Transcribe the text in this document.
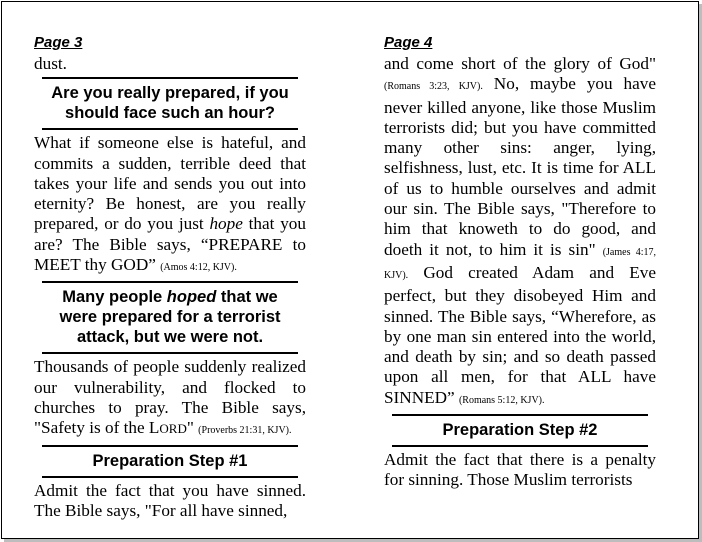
Page 3

dust.

Are you really prepared, if you should face such an hour?

What if someone else is hateful, and commits a sudden, terrible deed that takes your life and sends you out into eternity? Be honest, are you really prepared, or do you just hope that you are? The Bible says, “PREPARE to MEET thy GOD” (Amos 4:12, KJV).

Many people hoped that we were prepared for a terrorist attack, but we were not.

Thousands of people suddenly realized our vulnerability, and flocked to churches to pray. The Bible says, "Safety is of the LORD" (Proverbs 21:31, KJV).

Preparation Step #1

Admit the fact that you have sinned. The Bible says, "For all have sinned,

Page 4

and come short of the glory of God" (Romans 3:23, KJV). No, maybe you have never killed anyone, like those Muslim terrorists did; but you have committed many other sins: anger, lying, selfishness, lust, etc. It is time for ALL of us to humble ourselves and admit our sin. The Bible says, "Therefore to him that knoweth to do good, and doeth it not, to him it is sin" (James 4:17, KJV). God created Adam and Eve perfect, but they disobeyed Him and sinned. The Bible says, “Wherefore, as by one man sin entered into the world, and death by sin; and so death passed upon all men, for that ALL have SINNED” (Romans 5:12, KJV).

Preparation Step #2

Admit the fact that there is a penalty for sinning. Those Muslim terrorists
